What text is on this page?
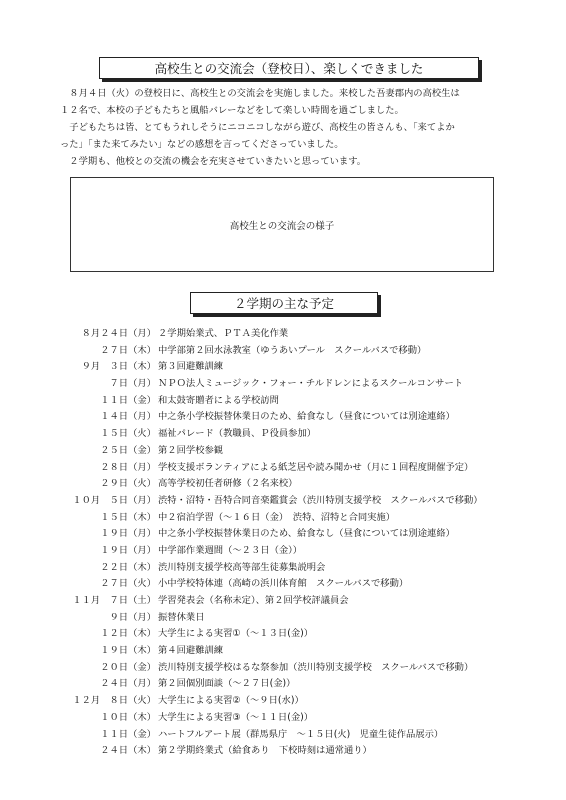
高校生との交流会（登校日）、楽しくできました
　８月４日（火）の登校日に、高校生との交流会を実施しました。来校した吾妻郡内の高校生は
１２名で、本校の子どもたちと風船バレーなどをして楽しい時間を過ごしました。
　子どもたちは皆、とてもうれしそうにニコニコしながら遊び、高校生の皆さんも、「来てよか
った」「また来てみたい」などの感想を言ってくださっていました。
　２学期も、他校との交流の機会を充実させていきたいと思っています。
高校生との交流会の様子
２学期の主な予定
８月２４日（月） ２学期始業式、ＰＴＡ美化作業
２７日（木） 中学部第２回水泳教室（ゆうあいプール　スクールバスで移動）
９月　３日（木） 第３回避難訓練
７日（月） ＮＰＯ法人ミュージック・フォー・チルドレンによるスクールコンサート
１１日（金） 和太鼓寄贈者による学校訪問
１４日（月） 中之条小学校振替休業日のため、給食なし（昼食については別途連絡）
１５日（火） 福祉パレード（教職員、Ｐ役員参加）
２５日（金） 第２回学校参観
２８日（月） 学校支援ボランティアによる紙芝居や読み聞かせ（月に１回程度開催予定）
２９日（火） 高等学校初任者研修（２名来校）
１０月　５日（月） 渋特・沼特・吾特合同音楽鑑賞会（渋川特別支援学校　スクールバスで移動）
１５日（木） 中２宿泊学習（～１６日（金）　渋特、沼特と合同実施）
１９日（月） 中之条小学校振替休業日のため、給食なし（昼食については別途連絡）
１９日（月） 中学部作業週間（～２３日（金））
２２日（木） 渋川特別支援学校高等部生徒募集説明会
２７日（火） 小中学校特体連（高崎の浜川体育館　スクールバスで移動）
１１月　７日（土） 学習発表会（名称未定）、第２回学校評議員会
９日（月） 振替休業日
１２日（木） 大学生による実習①（～１３日(金)）
１９日（木） 第４回避難訓練
２０日（金） 渋川特別支援学校はるな祭参加（渋川特別支援学校　スクールバスで移動）
２４日（月） 第２回個別面談（～２７日(金)）
１２月　８日（火） 大学生による実習②（～９日(水)）
１０日（木） 大学生による実習③（～１１日(金)）
１１日（金） ハートフルアート展（群馬県庁　～１５日(火)　児童生徒作品展示）
２４日（木） 第２学期終業式（給食あり　下校時刻は通常通り）
